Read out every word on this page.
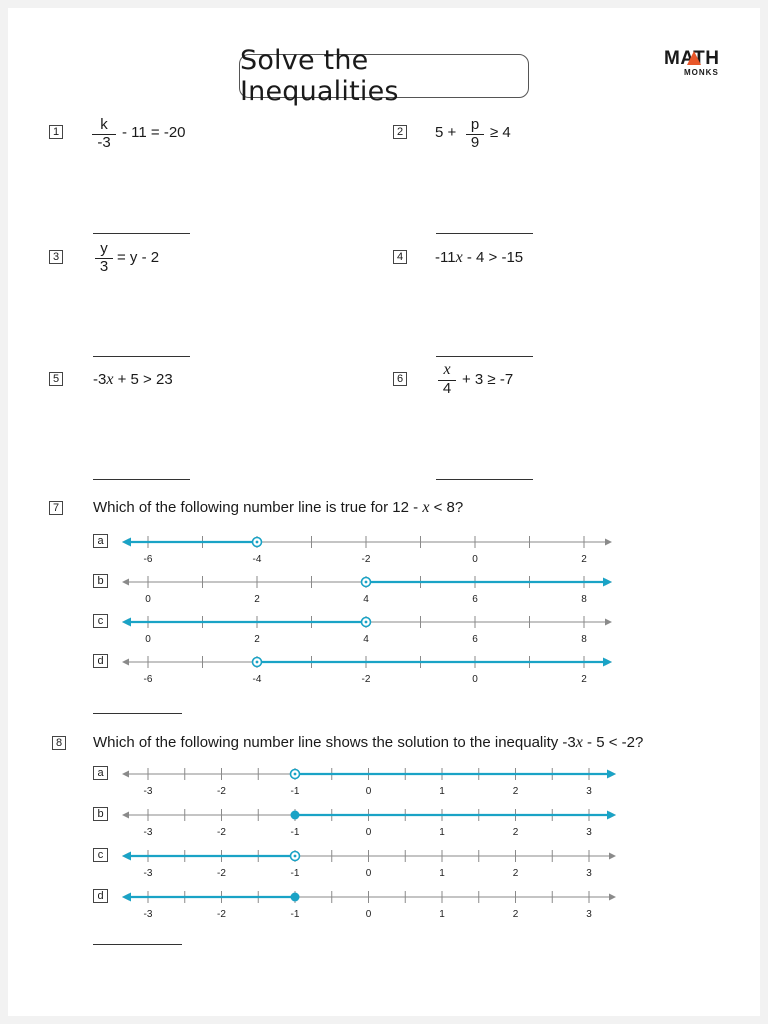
Solve the Inequalities
MATH
MONKS
1	k
-3
- 11 = -20	2 5 + p
9
≥ 4
3	y
3
= y - 2	4 -11x - 4 > -15
5 -3x + 5 > 23	6
x
4
+ 3 ≥ -7
7 Which of the following number line is true for 12 - x < 8?
8 Which of the following number line shows the solution to the inequality -3x - 5 < -2?
a
-6	-4	-2	0	2
b
0	2	4	6	8
c
0	2	4	6	8
d
-6	-4	-2	0	2
a
-3	-2	-1	0	1	2	3
b
-3	-2	-1	0	1	2	3
c
-3	-2	-1	0	1	2	3
d
-3	-2	-1	0	1	2	3
